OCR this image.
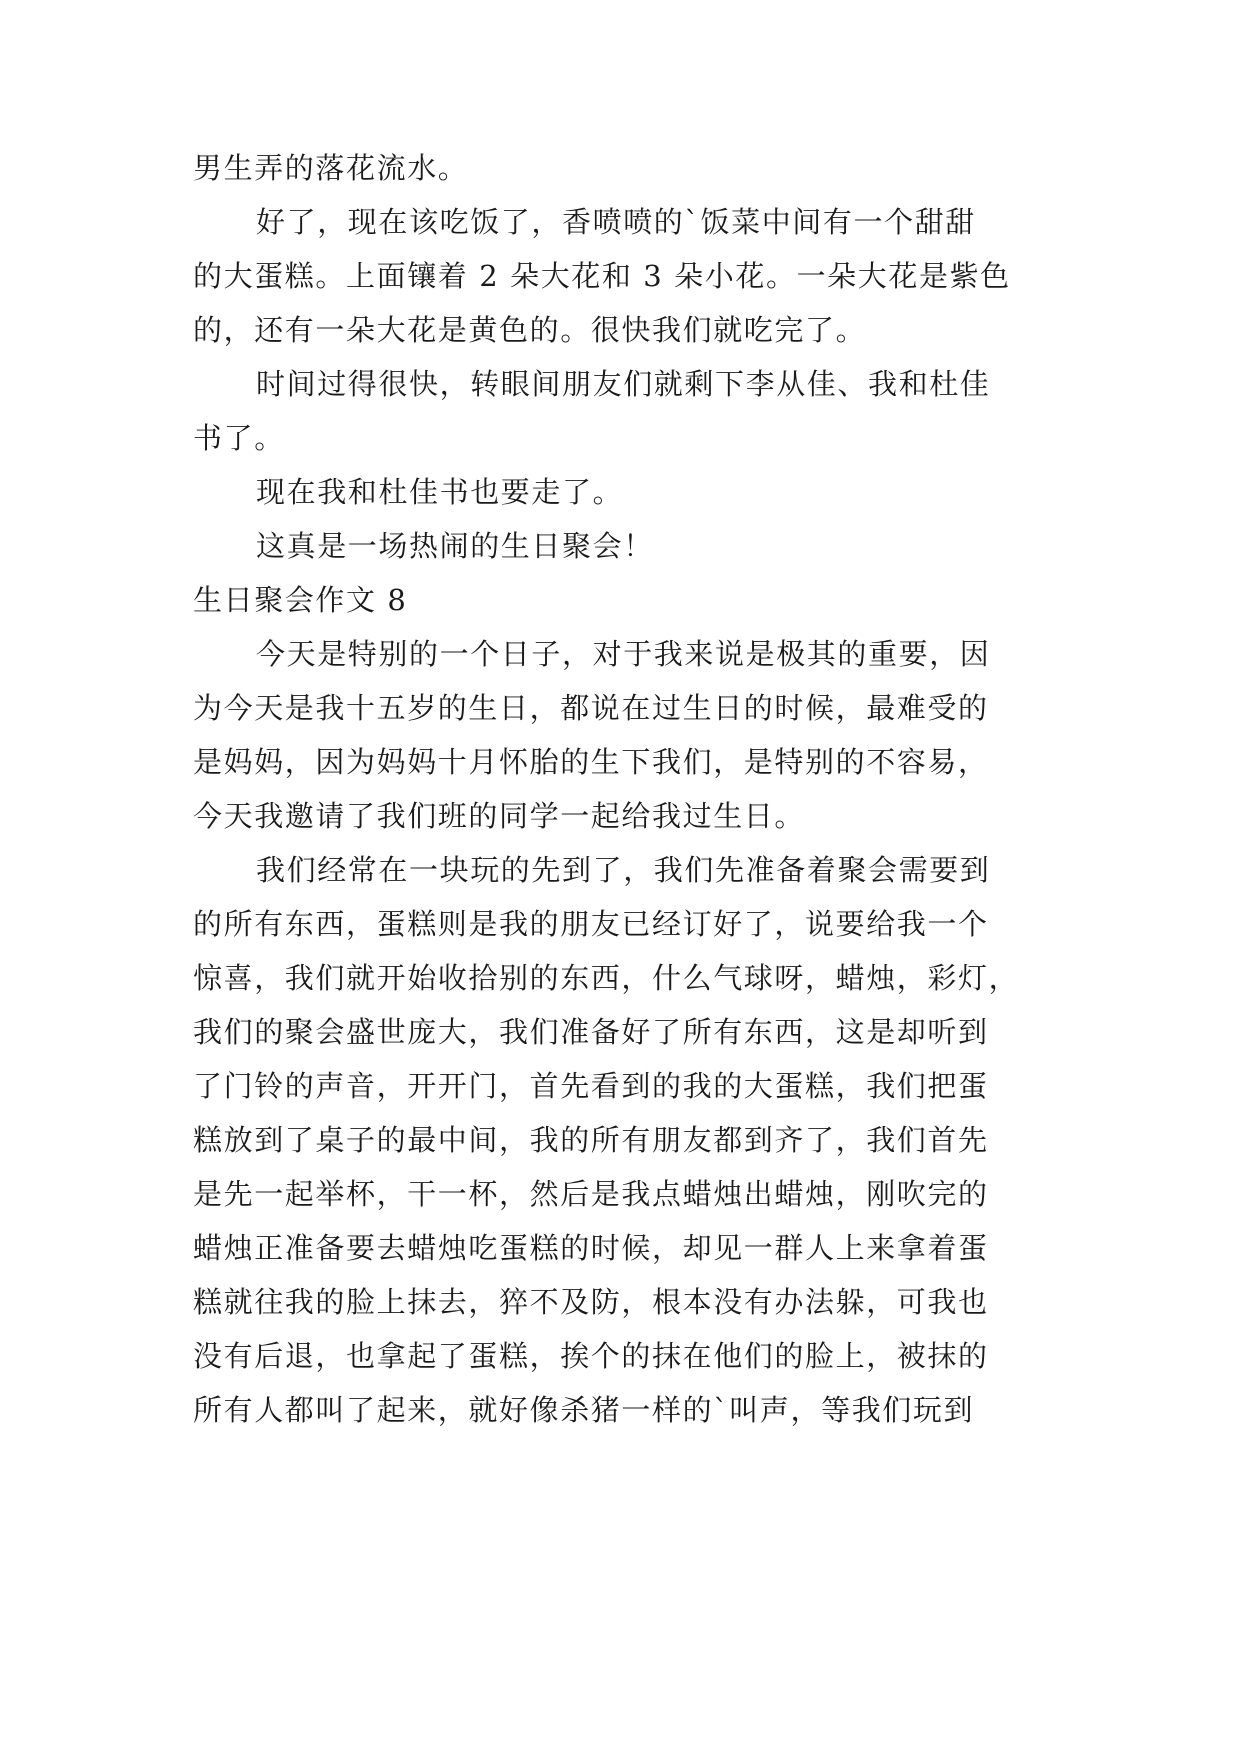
男生弄的落花流水。
好了，现在该吃饭了，香喷喷的`饭菜中间有一个甜甜
的大蛋糕。上面镶着 2 朵大花和 3 朵小花。一朵大花是紫色
的，还有一朵大花是黄色的。很快我们就吃完了。
时间过得很快，转眼间朋友们就剩下李从佳、我和杜佳
书了。
现在我和杜佳书也要走了。
这真是一场热闹的生日聚会！
生日聚会作文 8
今天是特别的一个日子，对于我来说是极其的重要，因
为今天是我十五岁的生日，都说在过生日的时候，最难受的
是妈妈，因为妈妈十月怀胎的生下我们，是特别的不容易，
今天我邀请了我们班的同学一起给我过生日。
我们经常在一块玩的先到了，我们先准备着聚会需要到
的所有东西，蛋糕则是我的朋友已经订好了，说要给我一个
惊喜，我们就开始收拾别的东西，什么气球呀，蜡烛，彩灯，
我们的聚会盛世庞大，我们准备好了所有东西，这是却听到
了门铃的声音，开开门，首先看到的我的大蛋糕，我们把蛋
糕放到了桌子的最中间，我的所有朋友都到齐了，我们首先
是先一起举杯，干一杯，然后是我点蜡烛出蜡烛，刚吹完的
蜡烛正准备要去蜡烛吃蛋糕的时候，却见一群人上来拿着蛋
糕就往我的脸上抹去，猝不及防，根本没有办法躲，可我也
没有后退，也拿起了蛋糕，挨个的抹在他们的脸上，被抹的
所有人都叫了起来，就好像杀猪一样的`叫声，等我们玩到
